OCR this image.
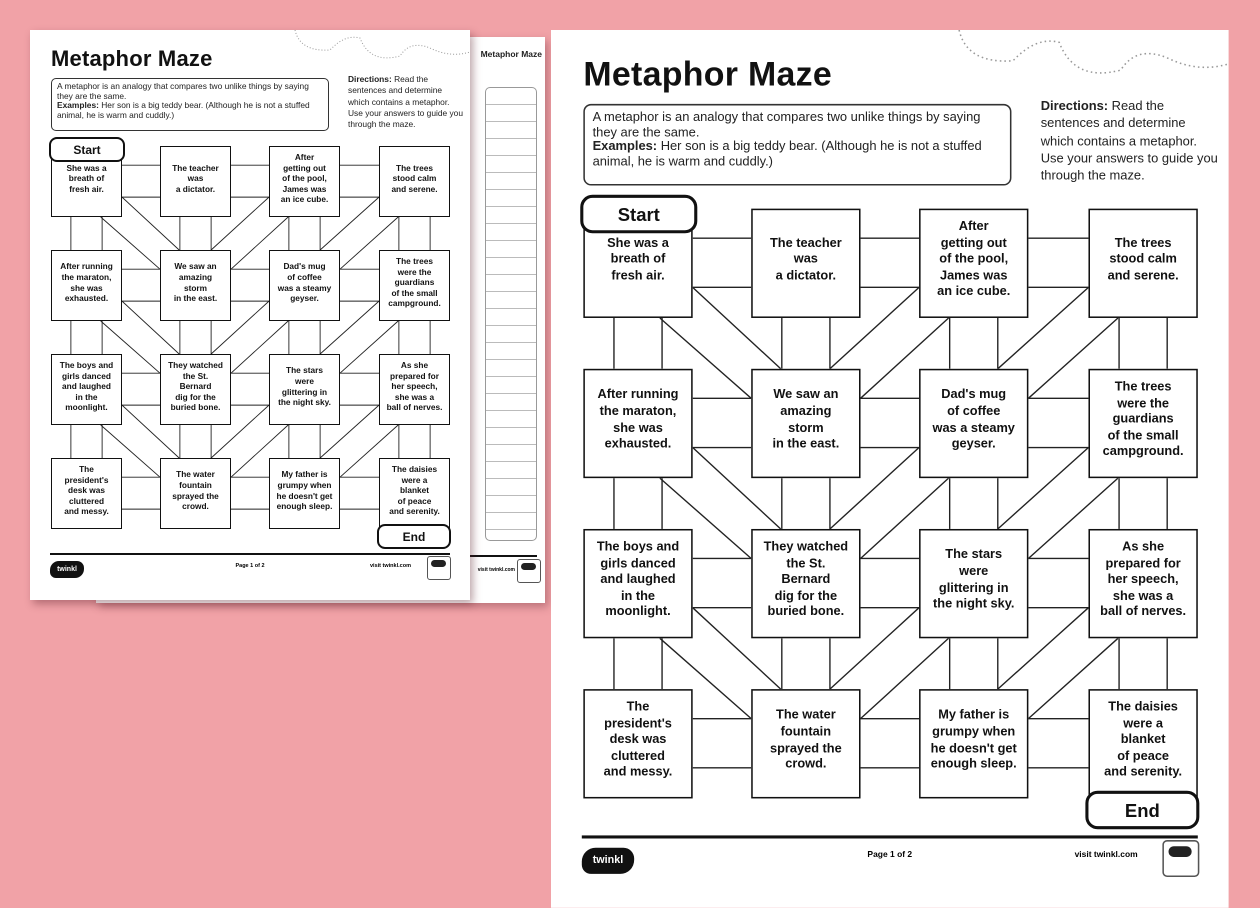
Metaphor Maze
visit twinkl.com
Metaphor Maze
A metaphor is an analogy that compares two unlike things by saying they are the same.
Examples: Her son is a big teddy bear. (Although he is not a stuffed animal, he is warm and cuddly.)
Directions: Read the sentences and determine which contains a metaphor. Use your answers to guide you through the maze.
She was a
breath of
fresh air.
The teacher
was
a dictator.
After
getting out
of the pool,
James was
an ice cube.
The trees
stood calm
and serene.
After running
the maraton,
she was
exhausted.
We saw an
amazing
storm
in the east.
Dad's mug
of coffee
was a steamy
geyser.
The trees
were the
guardians
of the small
campground.
The boys and
girls danced
and laughed
in the
moonlight.
They watched
the St.
Bernard
dig for the
buried bone.
The stars
were
glittering in
the night sky.
As she
prepared for
her speech,
she was a
ball of nerves.
The
president's
desk was
cluttered
and messy.
The water
fountain
sprayed the
crowd.
My father is
grumpy when
he doesn't get
enough sleep.
The daisies
were a
blanket
of peace
and serenity.
Start
End
twinkl	Page 1 of 2	visit twinkl.com
Metaphor Maze
A metaphor is an analogy that compares two unlike things by saying they are the same.
Examples: Her son is a big teddy bear. (Although he is not a stuffed animal, he is warm and cuddly.)
Directions: Read the sentences and determine which contains a metaphor. Use your answers to guide you through the maze.
She was a
breath of
fresh air.
The teacher
was
a dictator.
After
getting out
of the pool,
James was
an ice cube.
The trees
stood calm
and serene.
After running
the maraton,
she was
exhausted.
We saw an
amazing
storm
in the east.
Dad's mug
of coffee
was a steamy
geyser.
The trees
were the
guardians
of the small
campground.
The boys and
girls danced
and laughed
in the
moonlight.
They watched
the St.
Bernard
dig for the
buried bone.
The stars
were
glittering in
the night sky.
As she
prepared for
her speech,
she was a
ball of nerves.
The
president's
desk was
cluttered
and messy.
The water
fountain
sprayed the
crowd.
My father is
grumpy when
he doesn't get
enough sleep.
The daisies
were a
blanket
of peace
and serenity.
Start
End
twinkl	Page 1 of 2	visit twinkl.com
